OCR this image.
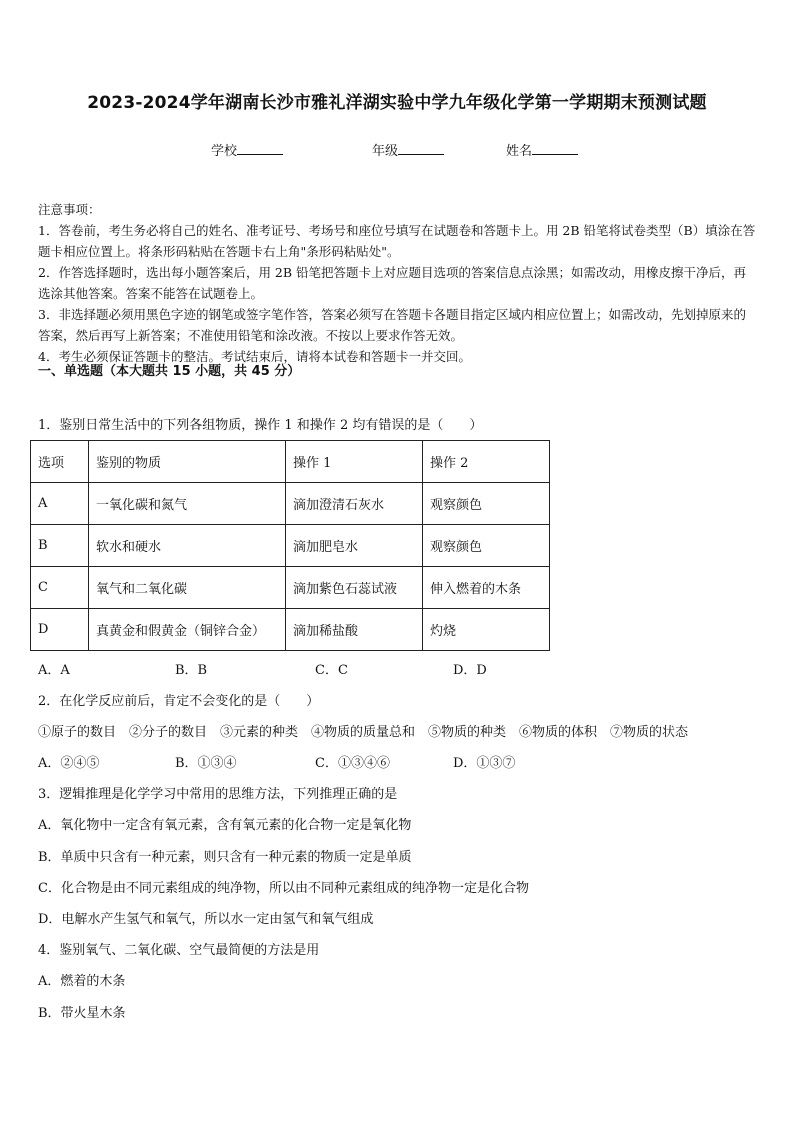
2023-2024学年湖南长沙市雅礼洋湖实验中学九年级化学第一学期期末预测试题
学校	年级	姓名
注意事项：
1．答卷前，考生务必将自己的姓名、准考证号、考场号和座位号填写在试题卷和答题卡上。用 2B 铅笔将试卷类型（B）填涂在答题卡相应位置上。将条形码粘贴在答题卡右上角"条形码粘贴处"。
2．作答选择题时，选出每小题答案后，用 2B 铅笔把答题卡上对应题目选项的答案信息点涂黑；如需改动，用橡皮擦干净后，再选涂其他答案。答案不能答在试题卷上。
3．非选择题必须用黑色字迹的钢笔或签字笔作答，答案必须写在答题卡各题目指定区域内相应位置上；如需改动，先划掉原来的答案，然后再写上新答案；不准使用铅笔和涂改液。不按以上要求作答无效。
4．考生必须保证答题卡的整洁。考试结束后，请将本试卷和答题卡一并交回。
一、单选题（本大题共 15 小题，共 45 分）
1．鉴别日常生活中的下列各组物质，操作 1 和操作 2 均有错误的是（　　）
选项	鉴别的物质	操作 1	操作 2
A	一氧化碳和氮气	滴加澄清石灰水	观察颜色
B	软水和硬水	滴加肥皂水	观察颜色
C	氧气和二氧化碳	滴加紫色石蕊试液	伸入燃着的木条
D	真黄金和假黄金（铜锌合金）	滴加稀盐酸	灼烧
A．A	B．B	C．C	D．D
2．在化学反应前后，肯定不会变化的是（　　）
①原子的数目　②分子的数目　③元素的种类　④物质的质量总和　⑤物质的种类　⑥物质的体积　⑦物质的状态
A．②④⑤	B．①③④	C．①③④⑥	D．①③⑦
3．逻辑推理是化学学习中常用的思维方法，下列推理正确的是
A．氧化物中一定含有氧元素，含有氧元素的化合物一定是氧化物
B．单质中只含有一种元素，则只含有一种元素的物质一定是单质
C．化合物是由不同元素组成的纯净物，所以由不同种元素组成的纯净物一定是化合物
D．电解水产生氢气和氧气，所以水一定由氢气和氧气组成
4．鉴别氧气、二氧化碳、空气最简便的方法是用
A．燃着的木条
B．带火星木条
